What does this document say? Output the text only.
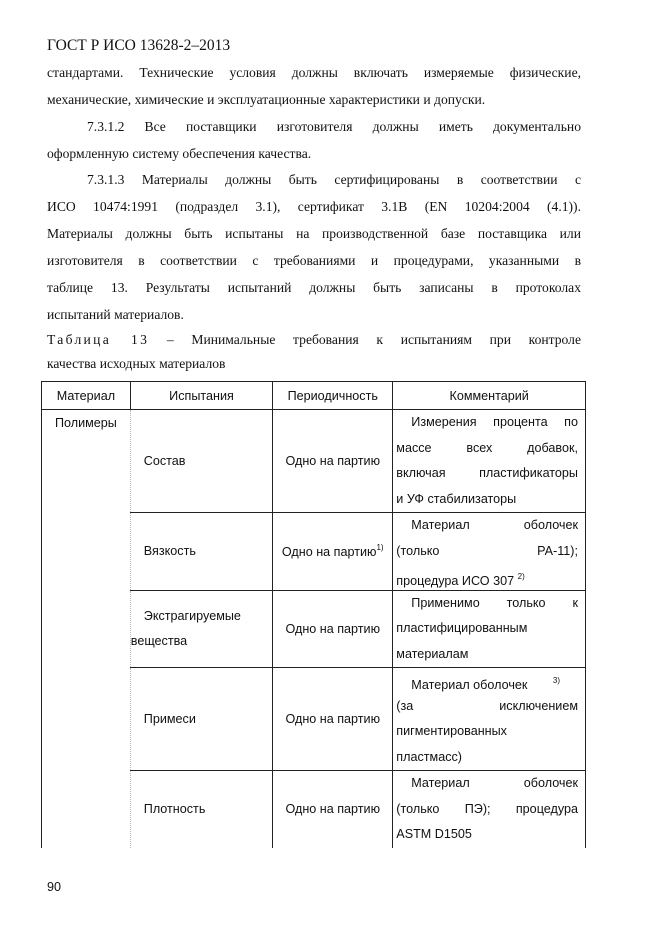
ГОСТ Р ИСО 13628-2–2013
стандартами. Технические условия должны включать измеряемые физические,
механические, химические и эксплуатационные характеристики и допуски.
7.3.1.2 Все поставщики изготовителя должны иметь документально
оформленную систему обеспечения качества.
7.3.1.3 Материалы должны быть сертифицированы в соответствии с
ИСО 10474:1991 (подраздел 3.1), сертификат 3.1В (EN 10204:2004 (4.1)).
Материалы должны быть испытаны на производственной базе поставщика или
изготовителя в соответствии с требованиями и процедурами, указанными в
таблице 13. Результаты испытаний должны быть записаны в протоколах
испытаний материалов.
Таблица 13 – Минимальные требования к испытаниям при контроле
качества исходных материалов
Материал	Испытания	Периодичность	Комментарий
Полимеры	Состав	Одно на партию	Измерения процента по
массе всех добавок,
включая пластификаторы
и УФ стабилизаторы

	Вязкость	Одно на партию$^{1)}$	Материал оболочек
(только PA-11);
процедура ИСО 307 $^{2)}$

	Экстрагируемые
вещества	Одно на партию	Применимо только к
пластифицированным
материалам

	Примеси	Одно на партию	Материал оболочек $^{3)}$
(за исключением
пигментированных
пластмасс)

	Плотность	Одно на партию	Материал оболочек
(только ПЭ); процедура
ASTM D1505
90
